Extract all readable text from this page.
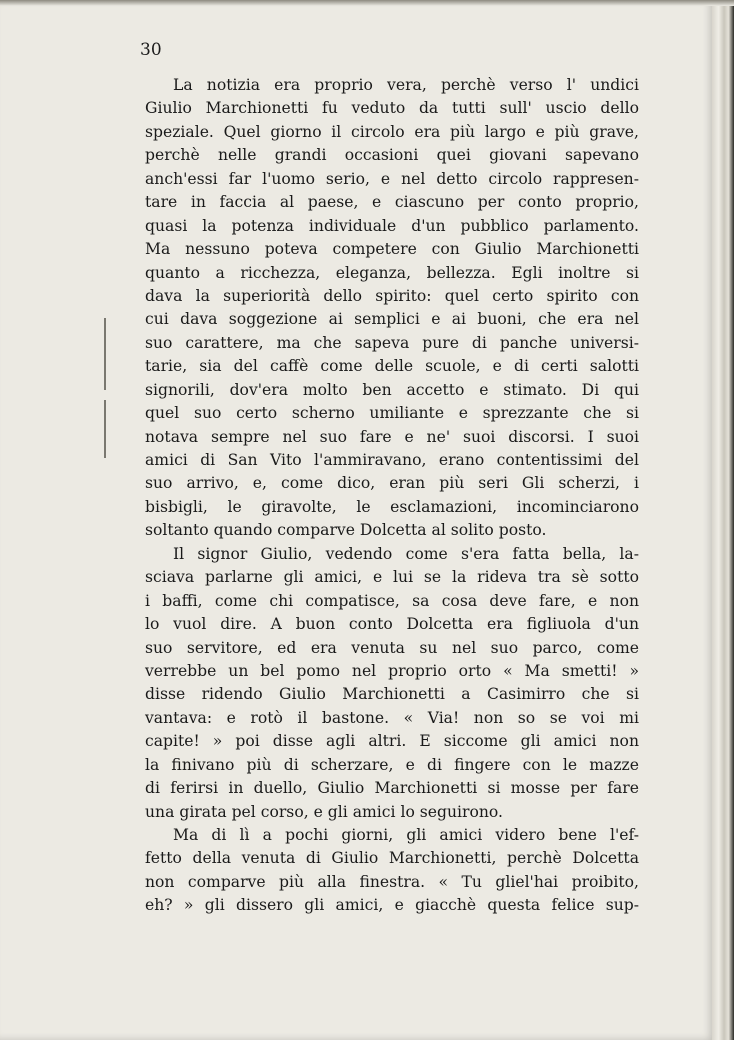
30
La notizia era proprio vera, perchè verso l' undici
Giulio Marchionetti fu veduto da tutti sull' uscio dello
speziale. Quel giorno il circolo era più largo e più grave,
perchè nelle grandi occasioni quei giovani sapevano
anch'essi far l'uomo serio, e nel detto circolo rappresen-
tare in faccia al paese, e ciascuno per conto proprio,
quasi la potenza individuale d'un pubblico parlamento.
Ma nessuno poteva competere con Giulio Marchionetti
quanto a ricchezza, eleganza, bellezza. Egli inoltre si
dava la superiorità dello spirito: quel certo spirito con
cui dava soggezione ai semplici e ai buoni, che era nel
suo carattere, ma che sapeva pure di panche universi-
tarie, sia del caffè come delle scuole, e di certi salotti
signorili, dov'era molto ben accetto e stimato. Di qui
quel suo certo scherno umiliante e sprezzante che si
notava sempre nel suo fare e ne' suoi discorsi. I suoi
amici di San Vito l'ammiravano, erano contentissimi del
suo arrivo, e, come dico, eran più seri Gli scherzi, i
bisbigli, le giravolte, le esclamazioni, incominciarono
soltanto quando comparve Dolcetta al solito posto.
Il signor Giulio, vedendo come s'era fatta bella, la-
sciava parlarne gli amici, e lui se la rideva tra sè sotto
i baffi, come chi compatisce, sa cosa deve fare, e non
lo vuol dire. A buon conto Dolcetta era figliuola d'un
suo servitore, ed era venuta su nel suo parco, come
verrebbe un bel pomo nel proprio orto « Ma smetti! »
disse ridendo Giulio Marchionetti a Casimirro che si
vantava: e rotò il bastone. « Via! non so se voi mi
capite! » poi disse agli altri. E siccome gli amici non
la finivano più di scherzare, e di fingere con le mazze
di ferirsi in duello, Giulio Marchionetti si mosse per fare
una girata pel corso, e gli amici lo seguirono.
Ma di lì a pochi giorni, gli amici videro bene l'ef-
fetto della venuta di Giulio Marchionetti, perchè Dolcetta
non comparve più alla finestra. « Tu gliel'hai proibito,
eh? » gli dissero gli amici, e giacchè questa felice sup-
